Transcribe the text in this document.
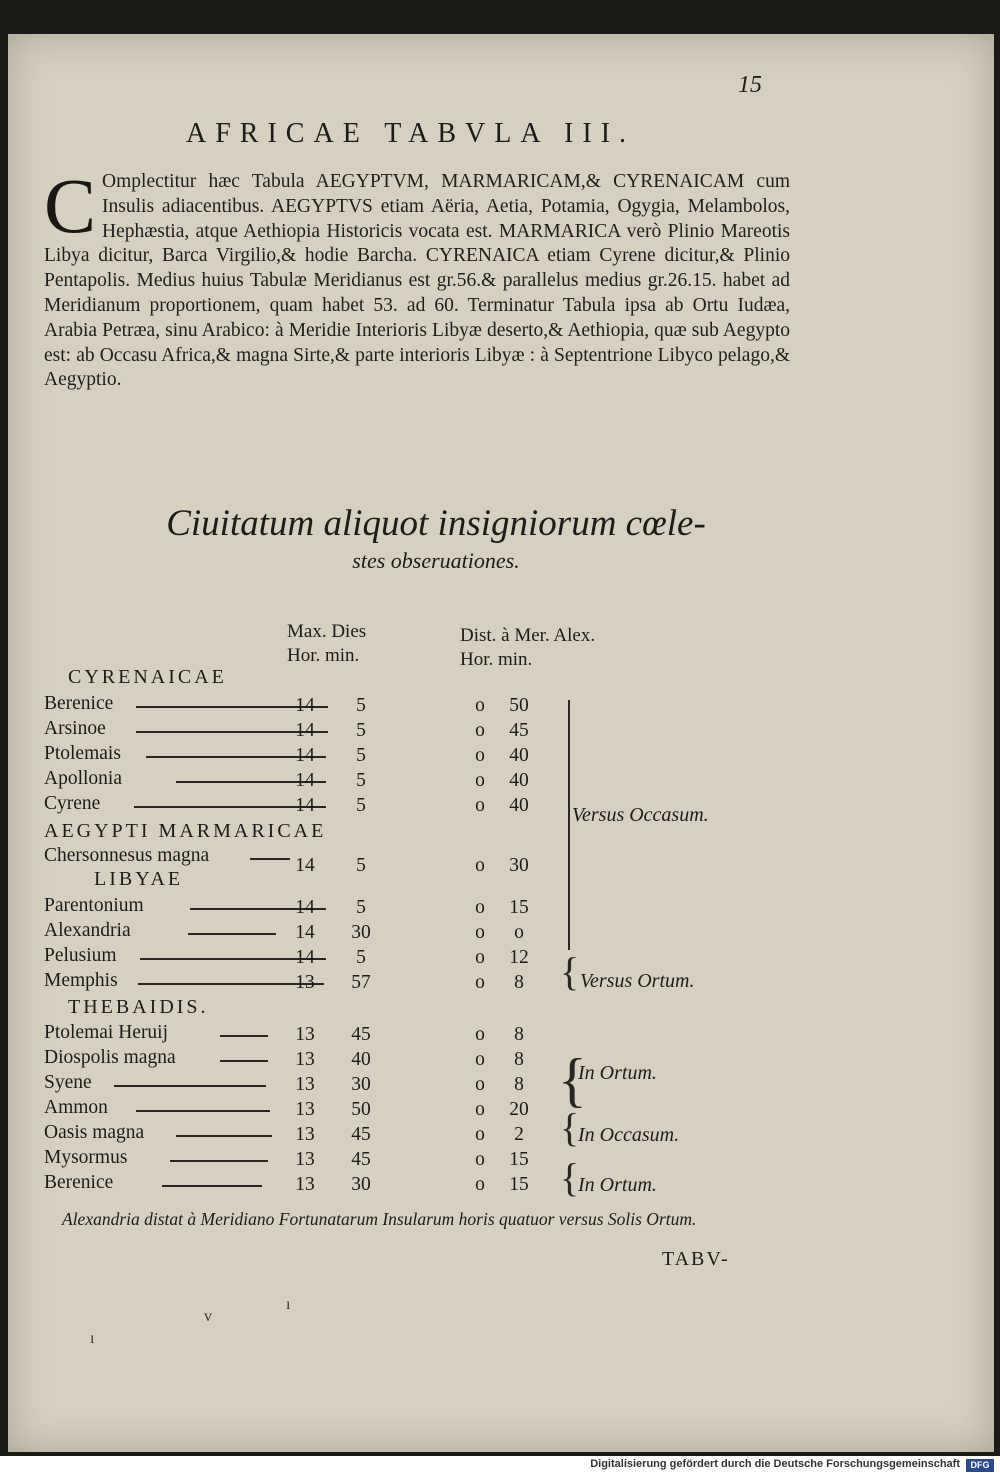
15
AFRICAE TABVLA III.
C Omplectitur hæc Tabula AEGYPTVM, MARMARICAM,& CYRENAICAM cum Insulis adiacentibus. AEGYPTVS etiam Aëria, Aetia, Potamia, Ogygia, Melambolos, Hephæstia, atque Aethiopia Historicis vocata est. MARMARICA verò Plinio Mareotis Libya dicitur, Barca Virgilio,& hodie Barcha. CYRENAICA etiam Cyrene dicitur,& Plinio Pentapolis. Medius huius Tabulæ Meridianus est gr.56.& parallelus medius gr.26.15. habet ad Meridianum proportionem, quam habet 53. ad 60. Terminatur Tabula ipsa ab Ortu Iudæa, Arabia Petræa, sinu Arabico: à Meridie Interioris Libyæ deserto,& Aethiopia, quæ sub Aegypto est: ab Occasu Africa,& magna Sirte,& parte interioris Libyæ : à Septentrione Libyco pelago,& Aegyptio.
Ciuitatum aliquot insigniorum cœle-
stes obseruationes.
Max. Dies
Hor. min.
Dist. à Mer. Alex.
Hor. min.
CYRENAICAE
AEGYPTI MARMARICAE
LIBYAE
THEBAIDIS.
Berenice	14	5	o	50
Arsinoe	14	5	o	45
Ptolemais	14	5	o	40
Apollonia	14	5	o	40
Cyrene	14	5	o	40
Chersonnesus magna	14	5	o	30
Parentonium	14	5	o	15
Alexandria	14 30	o	o
Pelusium	14	5	o	12
Memphis	13 57	o	8
Ptolemai Heruij	13 45	o	8
Diospolis magna	13 40	o	8
Syene	13 30	o	8
Ammon	13 50	o	20
Oasis magna	13 45	o	2
Mysormus	13 45	o	15
Berenice	13 30	o	15
Versus Occasum.
{ Versus Ortum.
{
In Ortum.
{
In Occasum.
{
In Ortum.
Alexandria distat à Meridiano Fortunatarum Insularum horis quatuor versus Solis Ortum.
TABV-
v
ı
ı
Digitalisierung gefördert durch die Deutsche Forschungsgemeinschaft	DFG
